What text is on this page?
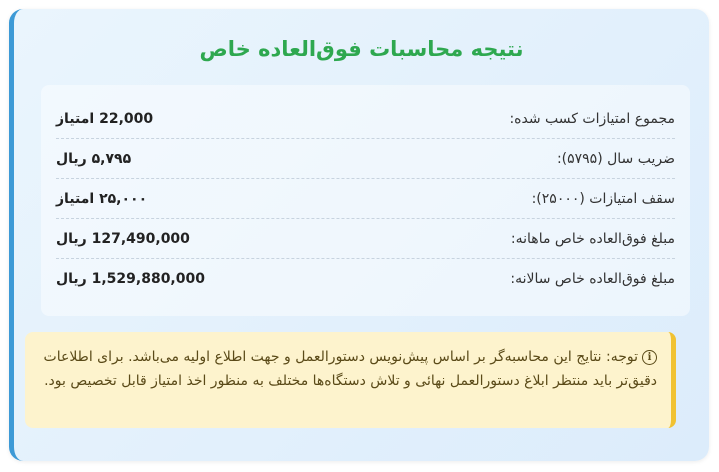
نتیجه محاسبات فوق‌العاده خاص
مجموع امتیازات کسب شده:
22,000 امتیاز
ضریب سال (۵۷۹۵):
۵,۷۹۵ ریال
سقف امتیازات (۲۵۰۰۰):
۲۵,۰۰۰ امتیاز
مبلغ فوق‌العاده خاص ماهانه:
127,490,000 ریال
مبلغ فوق‌العاده خاص سالانه:
1,529,880,000 ریال
iتوجه: نتایج این محاسبه‌گر بر اساس پیش‌نویس دستورالعمل و جهت اطلاع اولیه می‌باشد. برای اطلاعات دقیق‌تر باید منتظر ابلاغ دستورالعمل نهائی و تلاش دستگاه‌ها مختلف به منظور اخذ امتیاز قابل تخصیص بود.
